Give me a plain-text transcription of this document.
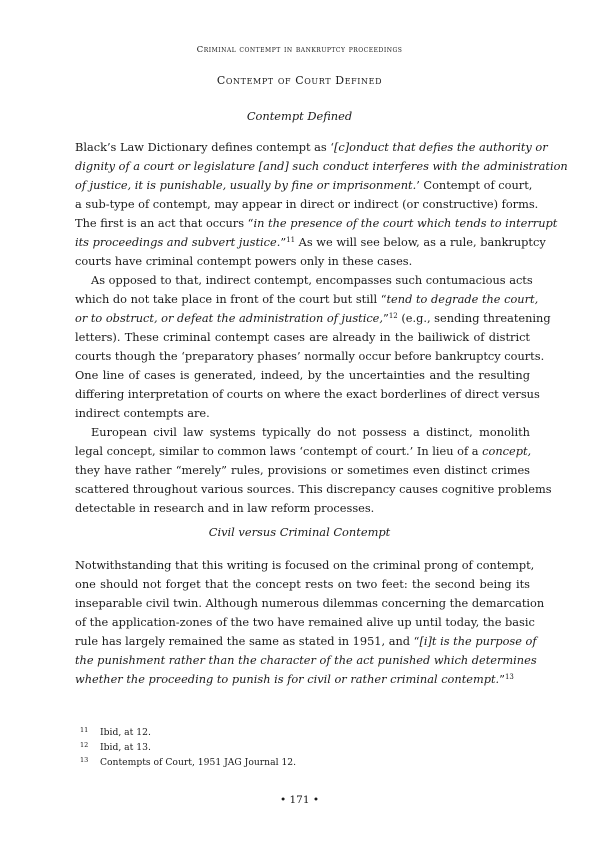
Criminal contempt in bankruptcy proceedings
Contempt of Court Defined
Contempt Defined
Black’s Law Dictionary defines contempt as ‘[c]onduct that defies the authority or
dignity of a court or legislature [and] such conduct interferes with the administration
of justice, it is punishable, usually by fine or imprisonment.’ Contempt of court,
a sub-type of contempt, may appear in direct or indirect (or constructive) forms.
The first is an act that occurs “in the presence of the court which tends to interrupt
its proceedings and subvert justice.”$^{11}$ As we will see below, as a rule, bankruptcy
courts have criminal contempt powers only in these cases.
As opposed to that, indirect contempt, encompasses such contumacious acts
which do not take place in front of the court but still “tend to degrade the court,
or to obstruct, or defeat the administration of justice,”$^{12}$ (e.g., sending threatening
letters). These criminal contempt cases are already in the bailiwick of district
courts though the ‘preparatory phases’ normally occur before bankruptcy courts.
One line of cases is generated, indeed, by the uncertainties and the resulting
differing interpretation of courts on where the exact borderlines of direct versus
indirect contempts are.
European civil law systems typically do not possess a distinct, monolith
legal concept, similar to common laws ‘contempt of court.’ In lieu of a concept,
they have rather “merely” rules, provisions or sometimes even distinct crimes
scattered throughout various sources. This discrepancy causes cognitive problems
detectable in research and in law reform processes.
Civil versus Criminal Contempt
Notwithstanding that this writing is focused on the criminal prong of contempt,
one should not forget that the concept rests on two feet: the second being its
inseparable civil twin. Although numerous dilemmas concerning the demarcation
of the application-zones of the two have remained alive up until today, the basic
rule has largely remained the same as stated in 1951, and “[i]t is the purpose of
the punishment rather than the character of the act punished which determines
whether the proceeding to punish is for civil or rather criminal contempt.”$^{13}$
11 Ibid, at 12.
12 Ibid, at 13.
13 Contempts of Court, 1951 JAG Journal 12.
• 171 •
